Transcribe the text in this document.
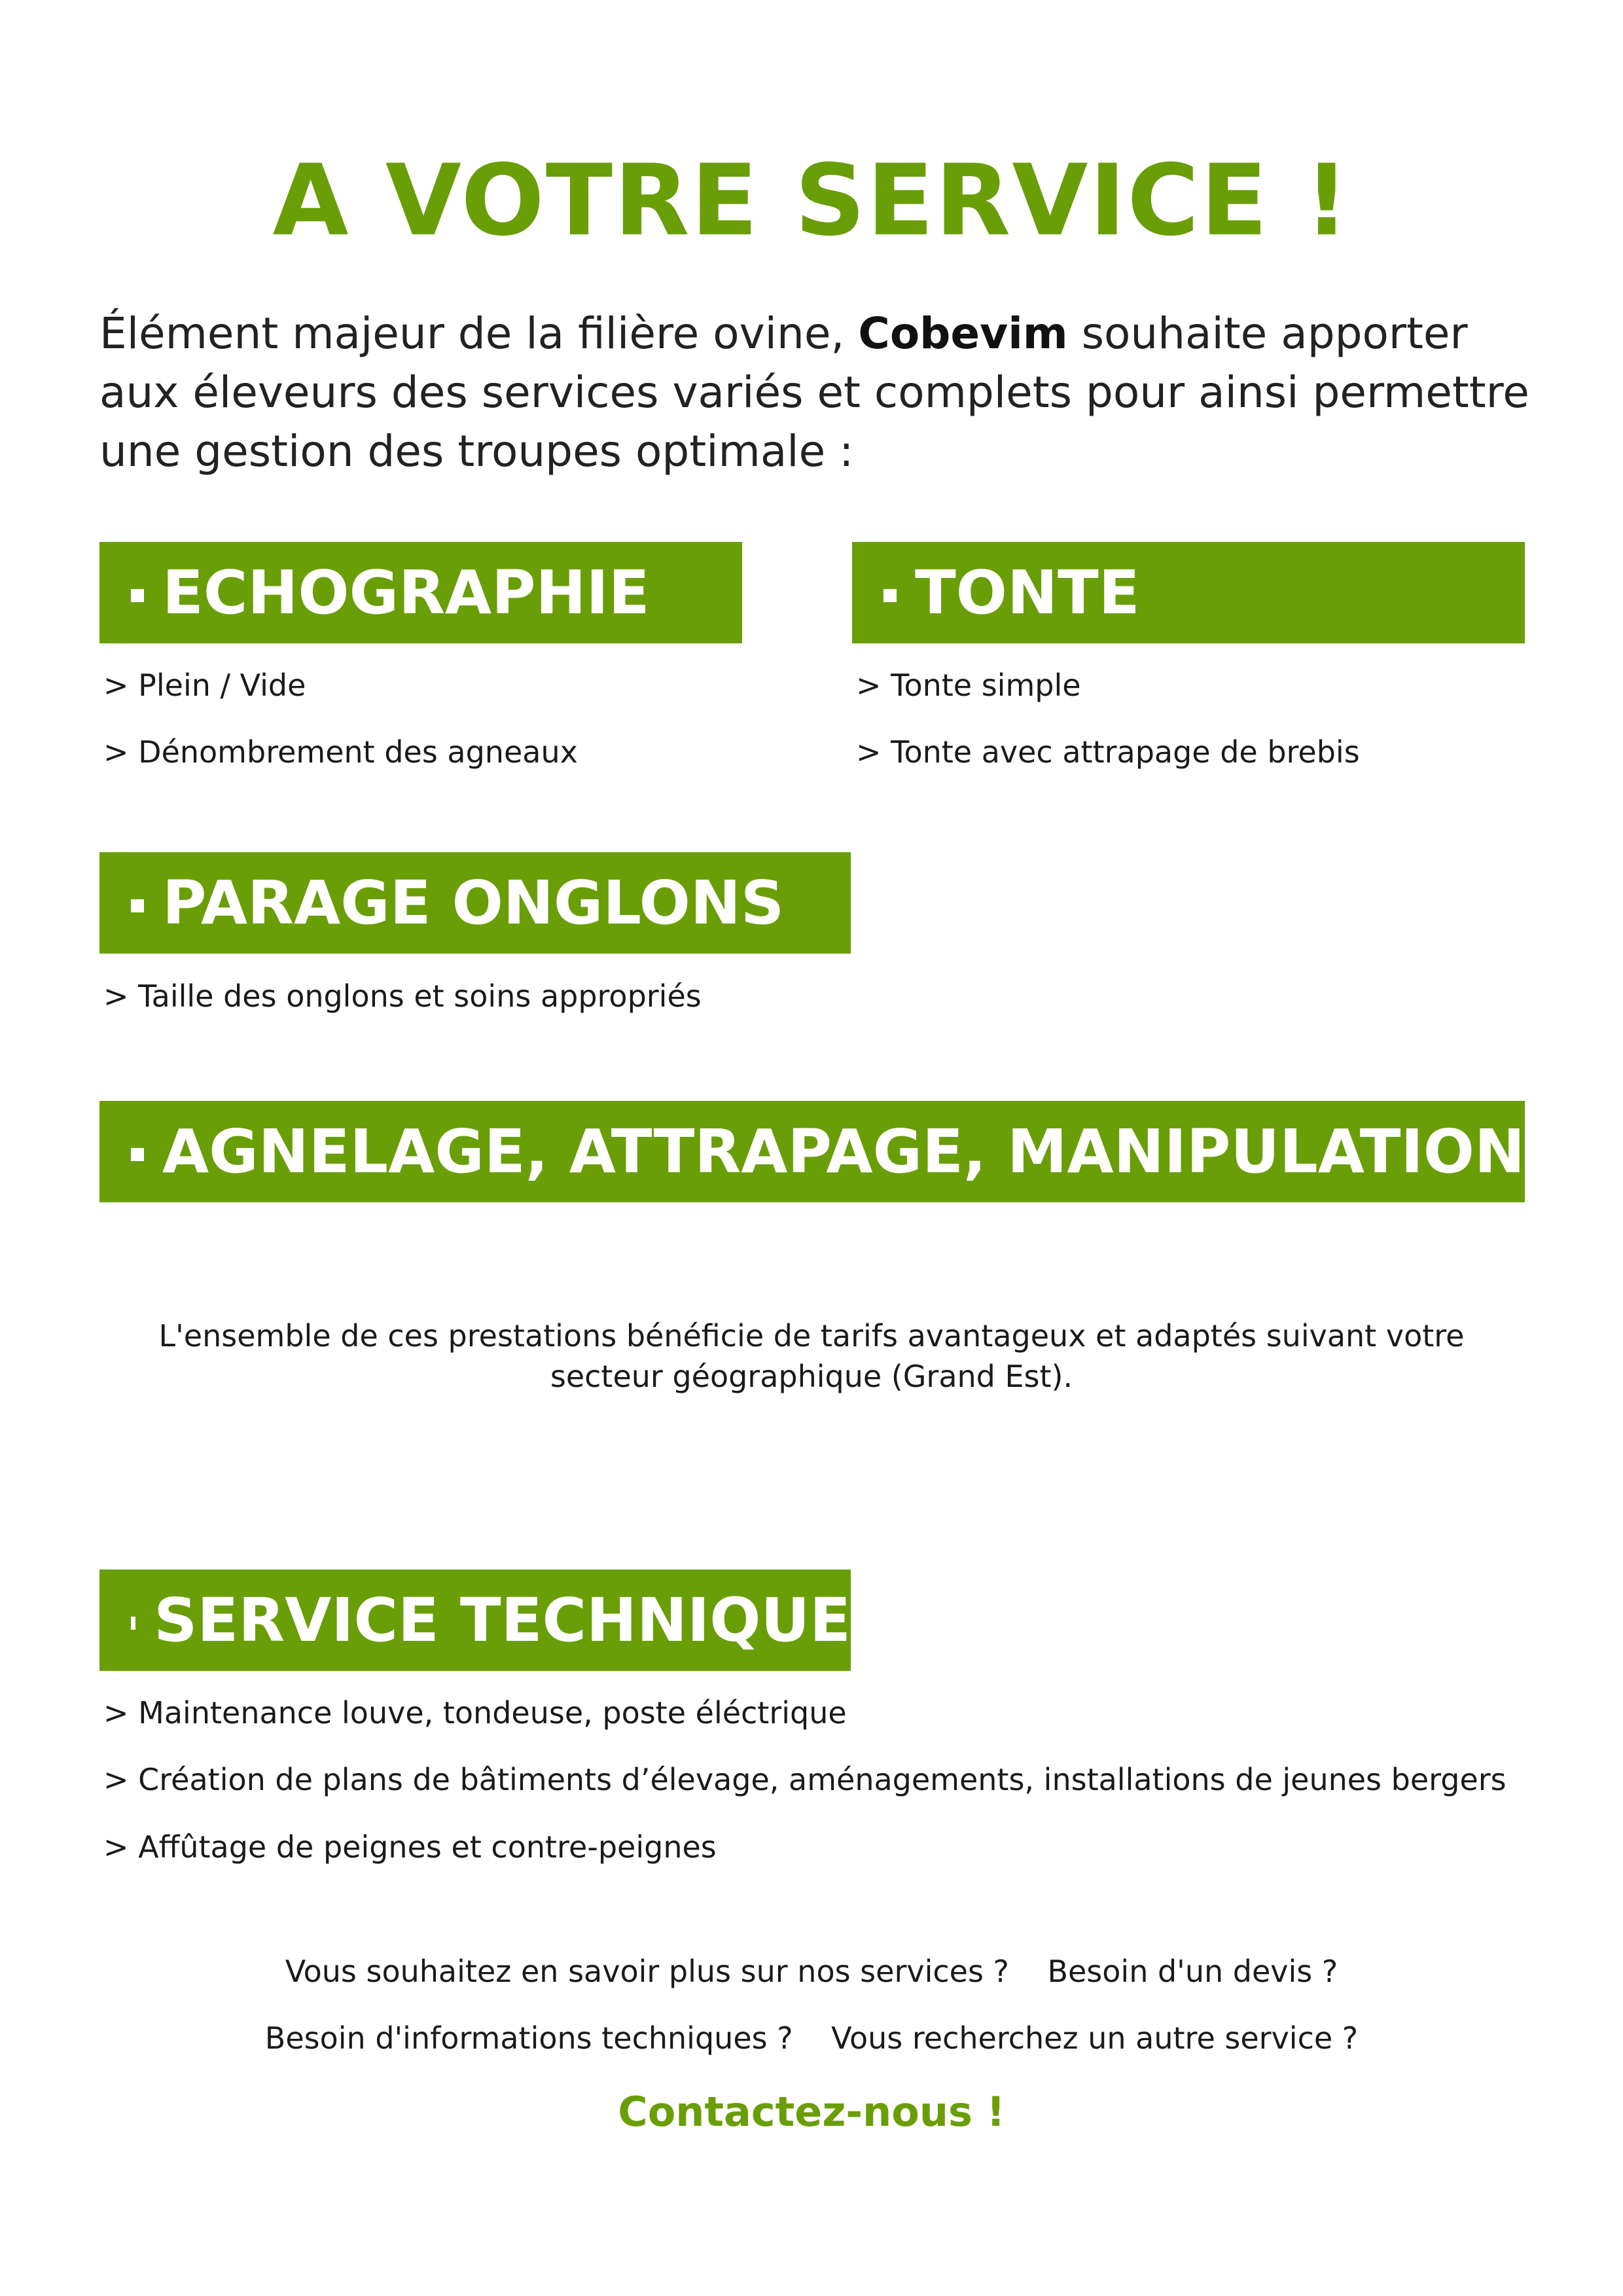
A VOTRE SERVICE !

Élément majeur de la filière ovine, Cobevim souhaite apporter aux éleveurs des services variés et complets pour ainsi permettre une gestion des troupes optimale :

ECHOGRAPHIE
> Plein / Vide
> Dénombrement des agneaux
TONTE
> Tonte simple
> Tonte avec attrapage de brebis
PARAGE ONGLONS
> Taille des onglons et soins appropriés
AGNELAGE, ATTRAPAGE, MANIPULATION

L'ensemble de ces prestations bénéficie de tarifs avantageux et adaptés suivant votre secteur géographique (Grand Est).

SERVICE TECHNIQUE
> Maintenance louve, tondeuse, poste éléctrique
> Création de plans de bâtiments d’élevage, aménagements, installations de jeunes bergers
> Affûtage de peignes et contre-peignes
Vous souhaitez en savoir plus sur nos services ?    Besoin d'un devis ?
Besoin d'informations techniques ?    Vous recherchez un autre service ?
Contactez-nous !
